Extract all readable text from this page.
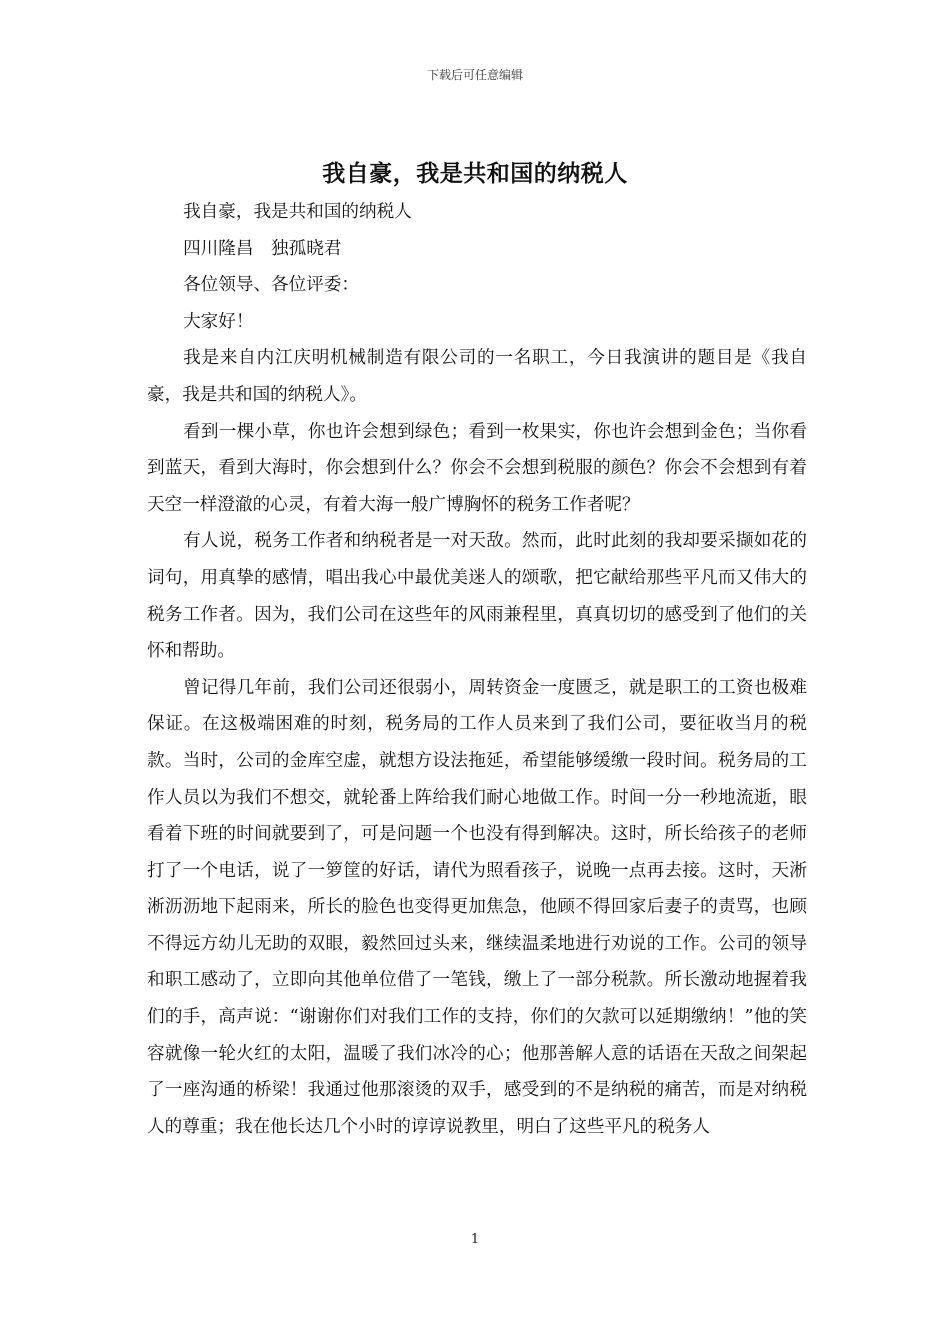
下载后可任意编辑
我自豪，我是共和国的纳税人

我自豪，我是共和国的纳税人

四川隆昌　独孤晓君

各位领导、各位评委：

大家好！

我是来自内江庆明机械制造有限公司的一名职工，今日我演讲的题目是《我自豪，我是共和国的纳税人》。

看到一棵小草，你也许会想到绿色；看到一枚果实，你也许会想到金色；当你看到蓝天，看到大海时，你会想到什么？你会不会想到税服的颜色？你会不会想到有着天空一样澄澈的心灵，有着大海一般广博胸怀的税务工作者呢？

有人说，税务工作者和纳税者是一对天敌。然而，此时此刻的我却要采撷如花的词句，用真挚的感情，唱出我心中最优美迷人的颂歌，把它献给那些平凡而又伟大的税务工作者。因为，我们公司在这些年的风雨兼程里，真真切切的感受到了他们的关怀和帮助。

曾记得几年前，我们公司还很弱小，周转资金一度匮乏，就是职工的工资也极难保证。在这极端困难的时刻，税务局的工作人员来到了我们公司，要征收当月的税款。当时，公司的金库空虚，就想方设法拖延，希望能够缓缴一段时间。税务局的工作人员以为我们不想交，就轮番上阵给我们耐心地做工作。时间一分一秒地流逝，眼看着下班的时间就要到了，可是问题一个也没有得到解决。这时，所长给孩子的老师打了一个电话，说了一箩筐的好话，请代为照看孩子，说晚一点再去接。这时，天淅淅沥沥地下起雨来，所长的脸色也变得更加焦急，他顾不得回家后妻子的责骂，也顾不得远方幼儿无助的双眼，毅然回过头来，继续温柔地进行劝说的工作。公司的领导和职工感动了，立即向其他单位借了一笔钱，缴上了一部分税款。所长激动地握着我们的手，高声说：“谢谢你们对我们工作的支持，你们的欠款可以延期缴纳！”他的笑容就像一轮火红的太阳，温暖了我们冰冷的心；他那善解人意的话语在天敌之间架起了一座沟通的桥梁！我通过他那滚烫的双手，感受到的不是纳税的痛苦，而是对纳税人的尊重；我在他长达几个小时的谆谆说教里，明白了这些平凡的税务人

1
